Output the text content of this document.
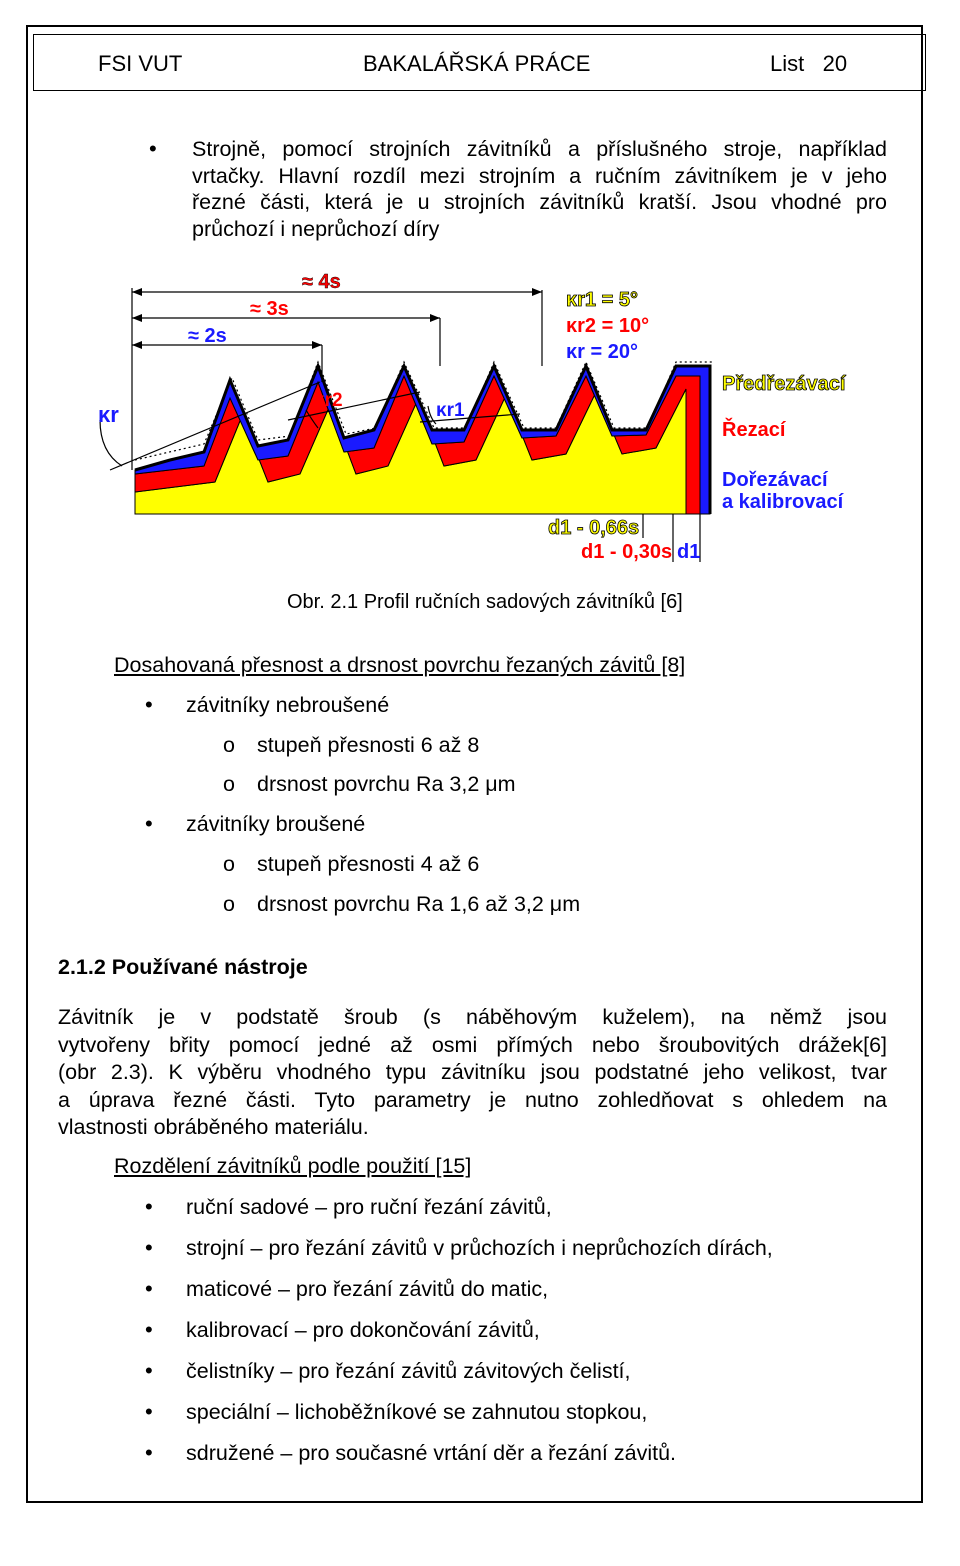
FSI VUT	BAKALÁŘSKÁ PRÁCE	List 20
• Strojně, pomocí strojních závitníků a příslušného stroje, například
vrtačky. Hlavní rozdíl mezi strojním a ručním závitníkem je v jeho
řezné části, která je u strojních závitníků kratší. Jsou vhodné pro
průchozí i neprůchozí díry
≈ 2s
≈ 3s
≈ 4s
κr
κr2	κr1
κr1 = 5°
κr2 = 10°
κr = 20°
Předřezávací
Řezací
Dořezávací
a kalibrovací
d1 - 0,66s
d1 - 0,30s d1
Obr. 2.1 Profil ručních sadových závitníků [6]
Dosahovaná přesnost a drsnost povrchu řezaných závitů [8]
• závitníky nebroušené
o stupeň přesnosti 6 až 8
o drsnost povrchu Ra 3,2 μm
• závitníky broušené
o stupeň přesnosti 4 až 6
o drsnost povrchu Ra 1,6 až 3,2 μm
2.1.2 Používané nástroje
Závitník je v podstatě šroub (s náběhovým kuželem), na němž jsou
vytvořeny břity pomocí jedné až osmi přímých nebo šroubovitých drážek[6]
(obr 2.3). K výběru vhodného typu závitníku jsou podstatné jeho velikost, tvar
a úprava řezné části. Tyto parametry je nutno zohledňovat s ohledem na
vlastnosti obráběného materiálu.
Rozdělení závitníků podle použití [15]
• ruční sadové – pro ruční řezání závitů,
• strojní – pro řezání závitů v průchozích i neprůchozích dírách,
• maticové – pro řezání závitů do matic,
• kalibrovací – pro dokončování závitů,
• čelistníky – pro řezání závitů závitových čelistí,
• speciální – lichoběžníkové se zahnutou stopkou,
• sdružené – pro současné vrtání děr a řezání závitů.
